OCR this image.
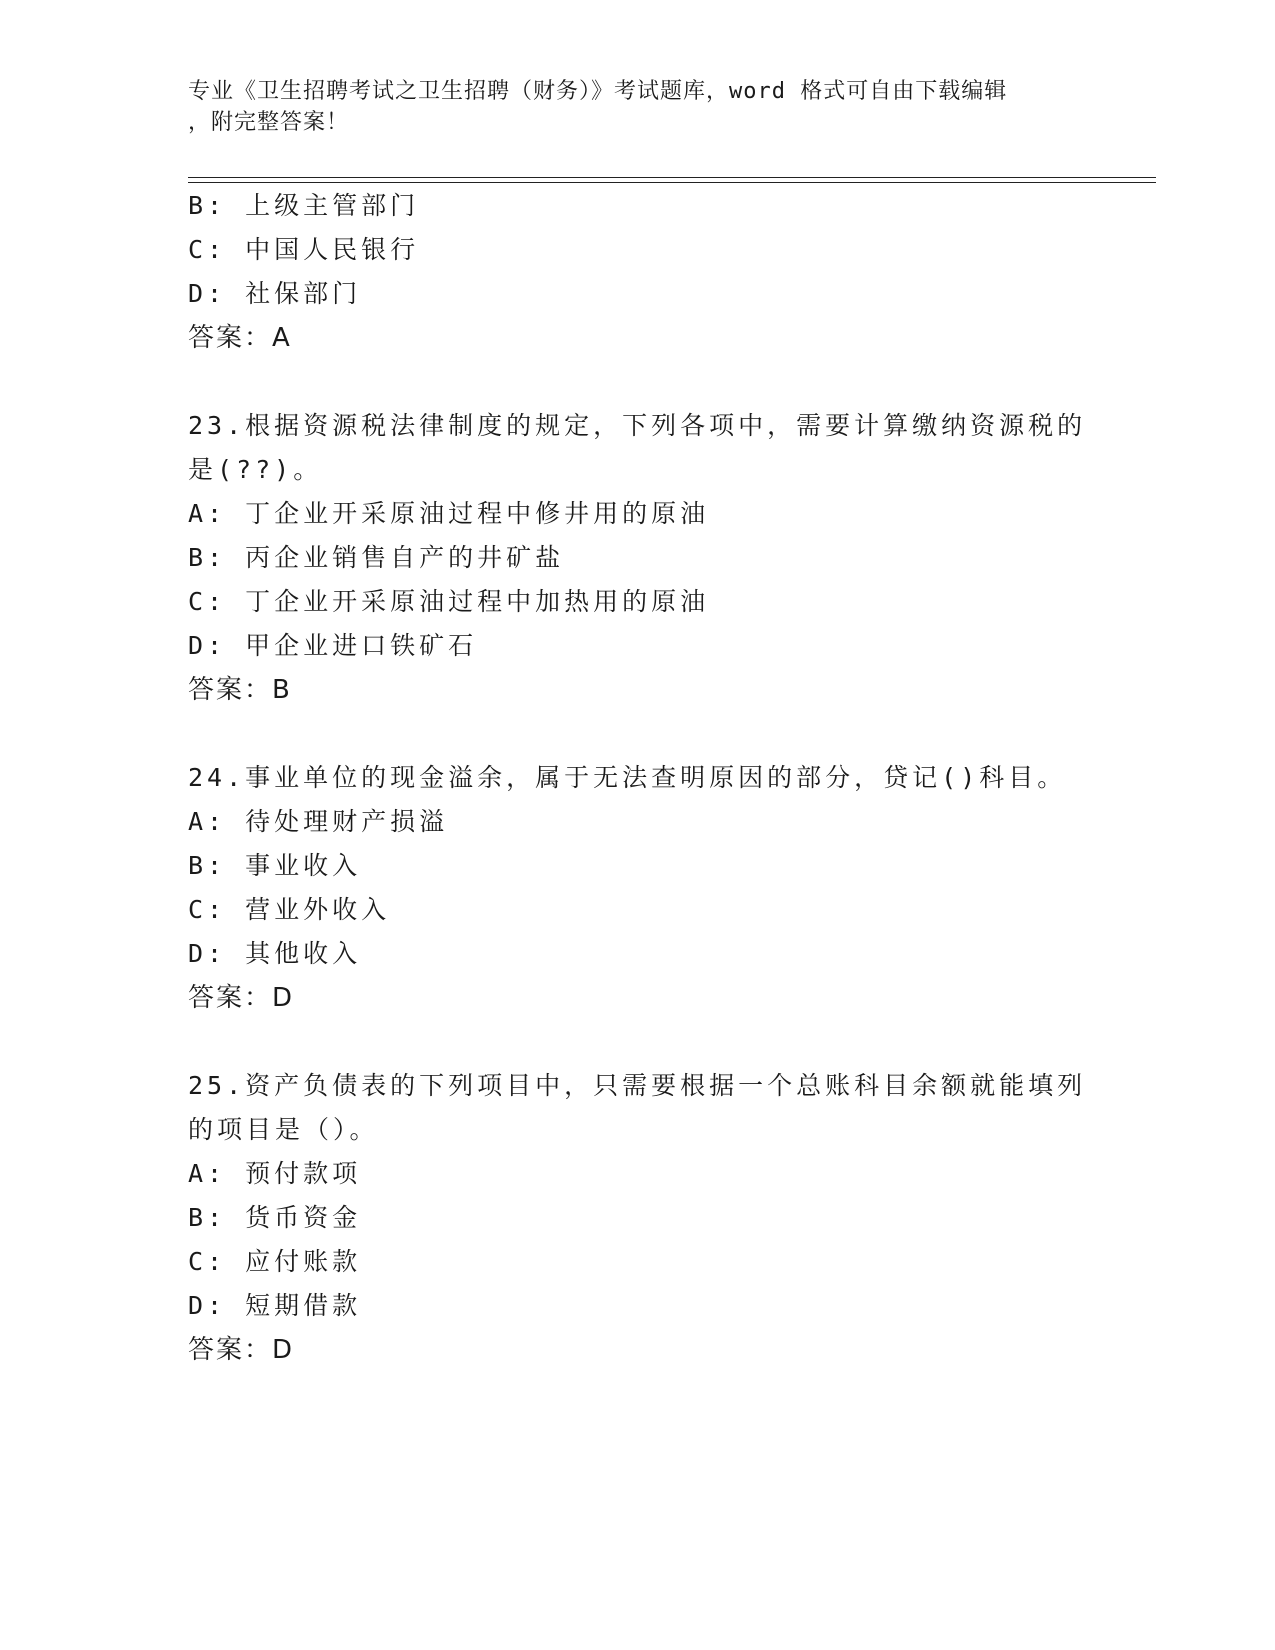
专业《卫生招聘考试之卫生招聘（财务）》考试题库，word 格式可自由下载编辑
，附完整答案！
B: 上级主管部门
C: 中国人民银行
D: 社保部门
答案：A
23.根据资源税法律制度的规定，下列各项中，需要计算缴纳资源税的
是(??)。
A: 丁企业开采原油过程中修井用的原油
B: 丙企业销售自产的井矿盐
C: 丁企业开采原油过程中加热用的原油
D: 甲企业进口铁矿石
答案：B
24.事业单位的现金溢余，属于无法查明原因的部分，贷记()科目。
A: 待处理财产损溢
B: 事业收入
C: 营业外收入
D: 其他收入
答案：D
25.资产负债表的下列项目中，只需要根据一个总账科目余额就能填列
的项目是（）。
A: 预付款项
B: 货币资金
C: 应付账款
D: 短期借款
答案：D
